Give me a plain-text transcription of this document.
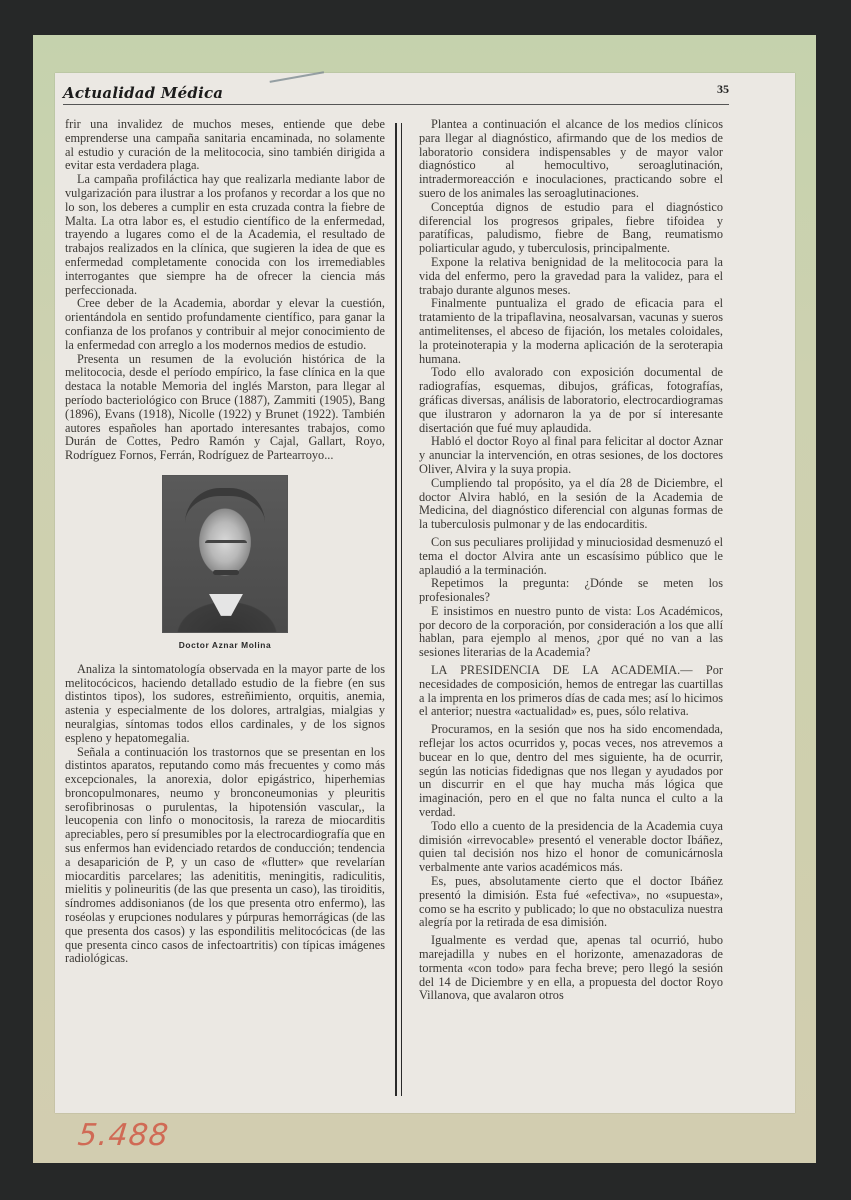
Actualidad Médica	35

frir una invalidez de muchos meses, entiende que debe emprenderse una campaña sanitaria encaminada, no solamente al estudio y curación de la melitococia, sino también dirigida a evitar esta verdadera plaga.

La campaña profiláctica hay que realizarla mediante labor de vulgarización para ilustrar a los profanos y recordar a los que no lo son, los deberes a cumplir en esta cruzada contra la fiebre de Malta. La otra labor es, el estudio científico de la enfermedad, trayendo a lugares como el de la Academia, el resultado de trabajos realizados en la clínica, que sugieren la idea de que es enfermedad completamente conocida con los irremediables interrogantes que siempre ha de ofrecer la ciencia más perfeccionada.

Cree deber de la Academia, abordar y elevar la cuestión, orientándola en sentido profundamente científico, para ganar la confianza de los profanos y contribuir al mejor conocimiento de la enfermedad con arreglo a los modernos medios de estudio.

Presenta un resumen de la evolución histórica de la melitococia, desde el período empírico, la fase clínica en la que destaca la notable Memoria del inglés Marston, para llegar al período bacteriológico con Bruce (1887), Zammiti (1905), Bang (1896), Evans (1918), Nicolle (1922) y Brunet (1922). También autores españoles han aportado interesantes trabajos, como Durán de Cottes, Pedro Ramón y Cajal, Gallart, Royo, Rodríguez Fornos, Ferrán, Rodríguez de Partearroyo...

Doctor Aznar Molina

Analiza la sintomatología observada en la mayor parte de los melitocócicos, haciendo detallado estudio de la fiebre (en sus distintos tipos), los sudores, estreñimiento, orquitis, anemia, astenia y especialmente de los dolores, artralgias, mialgias y neuralgias, síntomas todos ellos cardinales, y de los signos espleno y hepatomegalia.

Señala a continuación los trastornos que se presentan en los distintos aparatos, reputando como más frecuentes y como más excepcionales, la anorexia, dolor epigástrico, hiperhemias broncopulmonares, neumo y bronconeumonias y pleuritis serofibrinosas o purulentas, la hipotensión vascular,, la leucopenia con linfo o monocitosis, la rareza de miocarditis apreciables, pero sí presumibles por la electrocardiografía que en sus enfermos han evidenciado retardos de conducción; tendencia a desaparición de P, y un caso de «flutter» que revelarían miocarditis parcelares; las adenititis, meningitis, radiculitis, mielitis y polineuritis (de las que presenta un caso), las tiroiditis, síndromes addisonianos (de los que presenta otro enfermo), las roséolas y erupciones nodulares y púrpuras hemorrágicas (de las que presenta dos casos) y las espondilitis melitocócicas (de las que presenta cinco casos de infectoartritis) con típicas imágenes radiológicas.

Plantea a continuación el alcance de los medios clínicos para llegar al diagnóstico, afirmando que de los medios de laboratorio considera indispensables y de mayor valor diagnóstico al hemocultivo, seroaglutinación, intradermoreacción e inoculaciones, practicando sobre el suero de los animales las seroaglutinaciones.

Conceptúa dignos de estudio para el diagnóstico diferencial los progresos gripales, fiebre tifoidea y paratíficas, paludismo, fiebre de Bang, reumatismo poliarticular agudo, y tuberculosis, principalmente.

Expone la relativa benignidad de la melitococia para la vida del enfermo, pero la gravedad para la validez, para el trabajo durante algunos meses.

Finalmente puntualiza el grado de eficacia para el tratamiento de la tripaflavina, neosalvarsan, vacunas y sueros antimelitenses, el abceso de fijación, los metales coloidales, la proteinoterapia y la moderna aplicación de la seroterapia humana.

Todo ello avalorado con exposición documental de radiografías, esquemas, dibujos, gráficas, fotografías, gráficas diversas, análisis de laboratorio, electrocardiogramas que ilustraron y adornaron la ya de por sí interesante disertación que fué muy aplaudida.

Habló el doctor Royo al final para felicitar al doctor Aznar y anunciar la intervención, en otras sesiones, de los doctores Oliver, Alvira y la suya propia.

Cumpliendo tal propósito, ya el día 28 de Diciembre, el doctor Alvira habló, en la sesión de la Academia de Medicina, del diagnóstico diferencial con algunas formas de la tuberculosis pulmonar y de las endocarditis.

Con sus peculiares prolijidad y minuciosidad desmenuzó el tema el doctor Alvira ante un escasísimo público que le aplaudió a la terminación.

Repetimos la pregunta: ¿Dónde se meten los profesionales?

E insistimos en nuestro punto de vista: Los Académicos, por decoro de la corporación, por consideración a los que allí hablan, para ejemplo al menos, ¿por qué no van a las sesiones literarias de la Academia?

LA PRESIDENCIA DE LA ACADEMIA.— Por necesidades de composición, hemos de entregar las cuartillas a la imprenta en los primeros días de cada mes; así lo hicimos el anterior; nuestra «actualidad» es, pues, sólo relativa.

Procuramos, en la sesión que nos ha sido encomendada, reflejar los actos ocurridos y, pocas veces, nos atrevemos a bucear en lo que, dentro del mes siguiente, ha de ocurrir, según las noticias fidedignas que nos llegan y ayudados por un discurrir en el que hay mucha más lógica que imaginación, pero en el que no falta nunca el culto a la verdad.

Todo ello a cuento de la presidencia de la Academia cuya dimisión «irrevocable» presentó el venerable doctor Ibáñez, quien tal decisión nos hizo el honor de comunicárnosla verbalmente ante varios académicos más.

Es, pues, absolutamente cierto que el doctor Ibáñez presentó la dimisión. Esta fué «efectiva», no «supuesta», como se ha escrito y publicado; lo que no obstaculiza nuestra alegría por la retirada de esa dimisión.

Igualmente es verdad que, apenas tal ocurrió, hubo marejadilla y nubes en el horizonte, amenazadoras de tormenta «con todo» para fecha breve; pero llegó la sesión del 14 de Diciembre y en ella, a propuesta del doctor Royo Villanova, que avalaron otros

5.488
